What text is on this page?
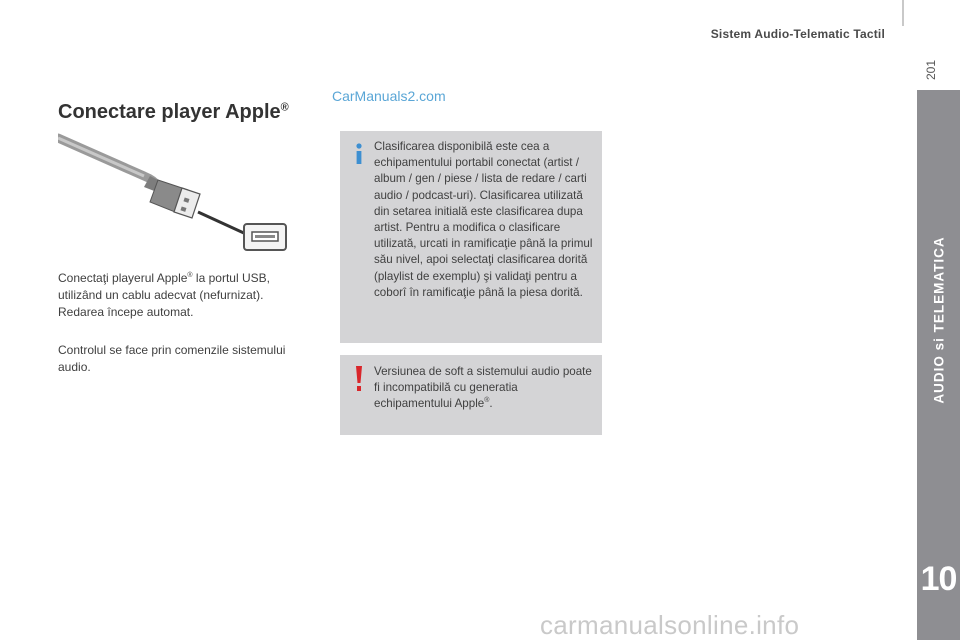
Sistem Audio-Telematic Tactil
201
AUDIO si TELEMATICA
10
CarManuals2.com
Conectare player Apple®
Conectaţi playerul Apple® la portul USB, utilizând un cablu adecvat (nefurnizat).
Redarea începe automat.
Controlul se face prin comenzile sistemului audio.
Clasificarea disponibilă este cea a echipamentului portabil conectat (artist / album / gen / piese / lista de redare / carti audio / podcast-uri). Clasificarea utilizată din setarea initială este clasificarea dupa artist. Pentru a modifica o clasificare utilizată, urcati in ramificaţie până la primul său nivel, apoi selectaţi clasificarea dorită (playlist de exemplu) şi validaţi pentru a coborî în ramificaţie până la piesa dorită.
Versiunea de soft a sistemului audio poate fi incompatibilă cu generatia echipamentului Apple®.
carmanualsonline.info
